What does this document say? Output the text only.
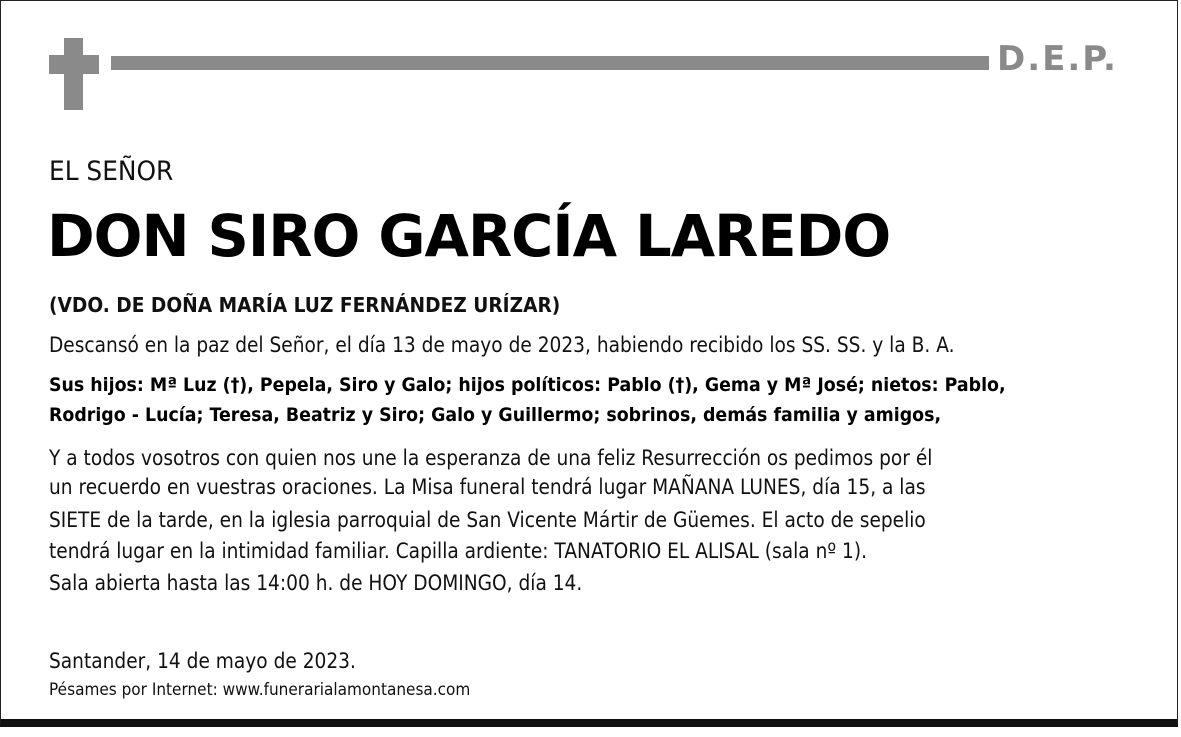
D.E.P.
EL SEÑOR
DON SIRO GARCÍA LAREDO
(VDO. DE DOÑA MARÍA LUZ FERNÁNDEZ URÍZAR)
Descansó en la paz del Señor, el día 13 de mayo de 2023, habiendo recibido los SS. SS. y la B. A.
Sus hijos: Mª Luz (†), Pepela, Siro y Galo; hijos políticos: Pablo (†), Gema y Mª José; nietos: Pablo,
Rodrigo - Lucía; Teresa, Beatriz y Siro; Galo y Guillermo; sobrinos, demás familia y amigos,
Y a todos vosotros con quien nos une la esperanza de una feliz Resurrección os pedimos por él
un recuerdo en vuestras oraciones. La Misa funeral tendrá lugar MAÑANA LUNES, día 15, a las
SIETE de la tarde, en la iglesia parroquial de San Vicente Mártir de Güemes. El acto de sepelio
tendrá lugar en la intimidad familiar. Capilla ardiente: TANATORIO EL ALISAL (sala nº 1).
Sala abierta hasta las 14:00 h. de HOY DOMINGO, día 14.
Santander, 14 de mayo de 2023.
Pésames por Internet: www.funerarialamontanesa.com
